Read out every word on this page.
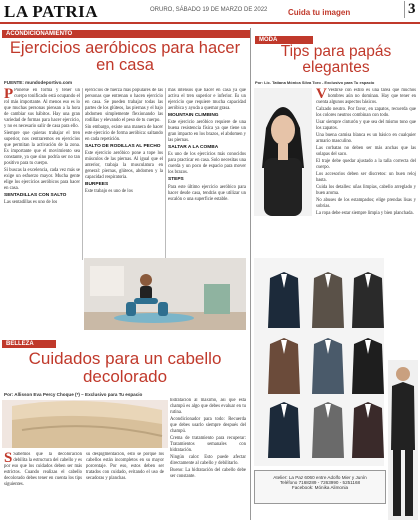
LA PATRIA	ORURO, SÁBADO 19 DE MARZO DE 2022	Cuida tu imagen	3
ACONDICIONAMIENTO
Ejercicios aeróbicos para hacer en casa
FUENTE: mundodeportivo.com

P Ponerse en forma y tener un cuerpo tonificado está ocupando el rol más importante. Al menos eso es lo que muchas personas piensan a la hora de cambiar sus hábitos. Hay una gran variedad de formas para hacer ejercicio, y no es necesario salir de casa para ello.

Siempre que quieras trabajar el tren superior, nos centraremos en ejercicios que permitan la activación de la zona. Es importante que el movimiento sea constante, ya que sino podría ser no tan positivo para tu cuerpo.

Si buscas la excelencia, cada vez más se exige un esfuerzo mayor. Mucha gente elige los ejercicios aeróbicos para hacer en casa.

SENTADILLAS CON SALTO

Las sentadillas es uno de los

ejercicios de fuerza más populares de las personas que entrenan o hacen ejercicio en casa. Se pueden trabajar todas las partes de los glúteos, las piernas y el bajo abdomen simplemente flexionando las rodillas y elevando el peso de tu cuerpo.

Sin embargo, existe una manera de hacer este ejercicio de forma aeróbica: saltando en cada repetición.

SALTO DE RODILLAS AL PECHO

Este ejercicio aeróbico pone a tope los músculos de las piernas. Al igual que el anterior, trabaja la musculatura en general: piernas, glúteos, abdomen y la capacidad respiratoria.

BURPEES

Este trabajo es uno de los

más intensos que hacer en casa ya que activa el tren superior e inferior. Es un ejercicio que requiere mucha capacidad aeróbica y ayuda a quemar grasa.

MOUNTAIN CLIMBING

Este ejercicio aeróbico requiere de una buena resistencia física ya que tiene un gran impacto en los brazos, el abdomen y las piernas.

SALTAR A LA COMBA

Es uno de los ejercicios más conocidos para practicar en casa. Solo necesitas una cuerda y un poco de espacio para mover los brazos.

STEPS

Para este último ejercicio aeróbico para hacer desde casa, tendrás que utilizar un escalón o una superficie estable.

MODA
Tips para papás elegantes
Por: Lic. Tatiana Mónica Silva Toro - Exclusivo para Tu espacio

V Vestirse con estilo es una tarea que muchos hombres aún no dominan. Hay que tener en cuenta algunos aspectos básicos.

Calzado neutro. Por favor, en zapatos, recuerda que los colores neutros combinan con todo.

Usar siempre cinturón y que sea del mismo tono que los zapatos.

Una buena camisa blanca es un básico en cualquier armario masculino.

Las corbatas no deben ser más anchas que las solapas del saco.

El traje debe quedar ajustado a la talla correcta del cuerpo.

Los accesorios deben ser discretos: un buen reloj basta.

Cuida los detalles: uñas limpias, cabello arreglado y buen aroma.

No abuses de los estampados; elige prendas lisas y sobrias.

La ropa debe estar siempre limpia y bien planchada.

Atelier: La Paz 6060 entre Adolfo Mier y Junín
Teléfono 7168289 - 7263990 - 5251168
Facebook: Mónika Alimonia
BELLEZA
Cuidados para un cabello decolorado
Por: Allisson Eva Percy Choque (*) – Exclusivo para Tu espacio

S Sabemos que la decoloración debilita la estructura del cabello y es por eso que los cuidados deben ser más estrictos. Cuando realizas el cabello decolorado debes tener en cuenta los tips siguientes.

su despigmentación, esto se porque los cabellos están incompletos en su mayor porcentaje. Por eso, estos deben ser tratados con cuidado, evitando el uso de secadoras y planchas.

hidratación al máximo, así que esta champú es algo que debes evaluar en tu rutina.

Acondicionador para todo: Recuerda que debes usarlo siempre después del champú.

Crema de tratamiento para recuperar: Tratamientos semanales con hidratación.

Ningún calor: Esto puede afectar directamente al cabello y debilitarlo.

Bueno: La hidratación del cabello debe ser constante.
